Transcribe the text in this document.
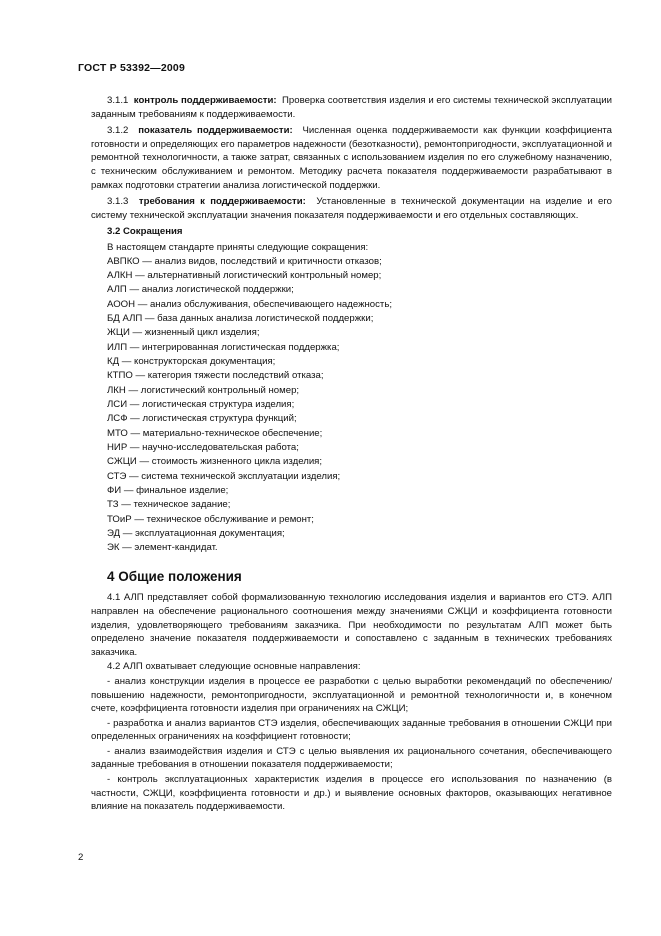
ГОСТ Р 53392—2009

3.1.1 контроль поддерживаемости: Проверка соответствия изделия и его системы технической эксплуатации заданным требованиям к поддерживаемости.

3.1.2 показатель поддерживаемости: Численная оценка поддерживаемости как функции коэффициента готовности и определяющих его параметров надежности (безотказности), ремонтопригодности, эксплуатационной и ремонтной технологичности, а также затрат, связанных с использованием изделия по его служебному назначению, с техническим обслуживанием и ремонтом. Методику расчета показателя поддерживаемости разрабатывают в рамках подготовки стратегии анализа логистической поддержки.

3.1.3 требования к поддерживаемости: Установленные в технической документации на изделие и его систему технической эксплуатации значения показателя поддерживаемости и его отдельных составляющих.

3.2 Сокращения

В настоящем стандарте приняты следующие сокращения:

АВПКО — анализ видов, последствий и критичности отказов;
АЛКН — альтернативный логистический контрольный номер;
АЛП — анализ логистической поддержки;
АООН — анализ обслуживания, обеспечивающего надежность;
БД АЛП — база данных анализа логистической поддержки;
ЖЦИ — жизненный цикл изделия;
ИЛП — интегрированная логистическая поддержка;
КД — конструкторская документация;
КТПО — категория тяжести последствий отказа;
ЛКН — логистический контрольный номер;
ЛСИ — логистическая структура изделия;
ЛСФ — логистическая структура функций;
МТО — материально-техническое обеспечение;
НИР — научно-исследовательская работа;
СЖЦИ — стоимость жизненного цикла изделия;
СТЭ — система технической эксплуатации изделия;
ФИ — финальное изделие;
ТЗ — техническое задание;
ТОиР — техническое обслуживание и ремонт;
ЭД — эксплуатационная документация;
ЭК — элемент-кандидат.
4 Общие положения

4.1 АЛП представляет собой формализованную технологию исследования изделия и вариантов его СТЭ. АЛП направлен на обеспечение рационального соотношения между значениями СЖЦИ и коэффициента готовности изделия, удовлетворяющего требованиям заказчика. При необходимости по результатам АЛП может быть определено значение показателя поддерживаемости и сопоставлено с заданным в технических требованиях заказчика.

4.2 АЛП охватывает следующие основные направления:

- анализ конструкции изделия в процессе ее разработки с целью выработки рекомендаций по обеспечению/повышению надежности, ремонтопригодности, эксплуатационной и ремонтной технологичности и, в конечном счете, коэффициента готовности изделия при ограничениях на СЖЦИ;

- разработка и анализ вариантов СТЭ изделия, обеспечивающих заданные требования в отношении СЖЦИ при определенных ограничениях на коэффициент готовности;

- анализ взаимодействия изделия и СТЭ с целью выявления их рационального сочетания, обеспечивающего заданные требования в отношении показателя поддерживаемости;

- контроль эксплуатационных характеристик изделия в процессе его использования по назначению (в частности, СЖЦИ, коэффициента готовности и др.) и выявление основных факторов, оказывающих негативное влияние на показатель поддерживаемости.

2
